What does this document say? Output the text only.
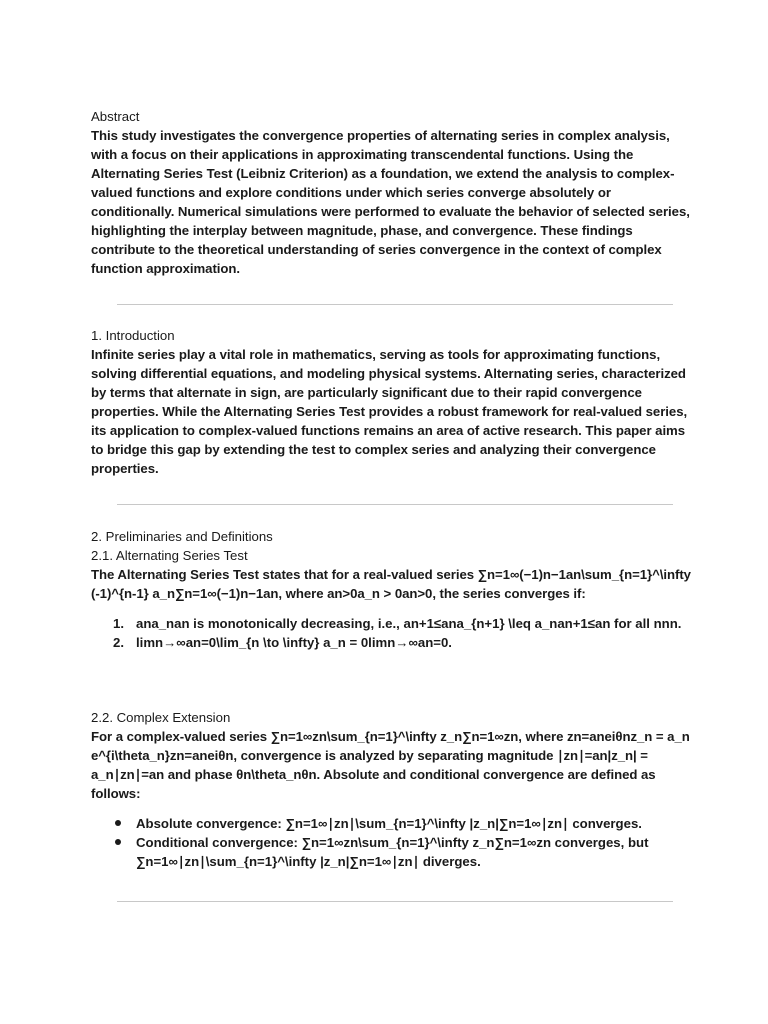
Abstract
This study investigates the convergence properties of alternating series in complex analysis, with a focus on their applications in approximating transcendental functions. Using the Alternating Series Test (Leibniz Criterion) as a foundation, we extend the analysis to complex-valued functions and explore conditions under which series converge absolutely or conditionally. Numerical simulations were performed to evaluate the behavior of selected series, highlighting the interplay between magnitude, phase, and convergence. These findings contribute to the theoretical understanding of series convergence in the context of complex function approximation.
1. Introduction
Infinite series play a vital role in mathematics, serving as tools for approximating functions, solving differential equations, and modeling physical systems. Alternating series, characterized by terms that alternate in sign, are particularly significant due to their rapid convergence properties. While the Alternating Series Test provides a robust framework for real-valued series, its application to complex-valued functions remains an area of active research. This paper aims to bridge this gap by extending the test to complex series and analyzing their convergence properties.
2. Preliminaries and Definitions
2.1. Alternating Series Test
The Alternating Series Test states that for a real-valued series ∑n=1∞(−1)n−1an\sum_{n=1}^\infty (-1)^{n-1} a_n∑n=1∞(−1)n−1an, where an>0a_n > 0an>0, the series converges if:
1. ana_nan is monotonically decreasing, i.e., an+1≤ana_{n+1} \leq a_nan+1≤an for all nnn.
2. limn→∞an=0\lim_{n \to \infty} a_n = 0limn→∞an=0.
2.2. Complex Extension
For a complex-valued series ∑n=1∞zn\sum_{n=1}^\infty z_n∑n=1∞zn, where zn=aneiθnz_n = a_n e^{i\theta_n}zn=aneiθn, convergence is analyzed by separating magnitude ∣zn∣=an|z_n| = a_n∣zn∣=an and phase θn\theta_nθn. Absolute and conditional convergence are defined as follows:
Absolute convergence: ∑n=1∞∣zn∣\sum_{n=1}^\infty |z_n|∑n=1∞∣zn∣ converges.
Conditional convergence: ∑n=1∞zn\sum_{n=1}^\infty z_n∑n=1∞zn converges, but ∑n=1∞∣zn∣\sum_{n=1}^\infty |z_n|∑n=1∞∣zn∣ diverges.
